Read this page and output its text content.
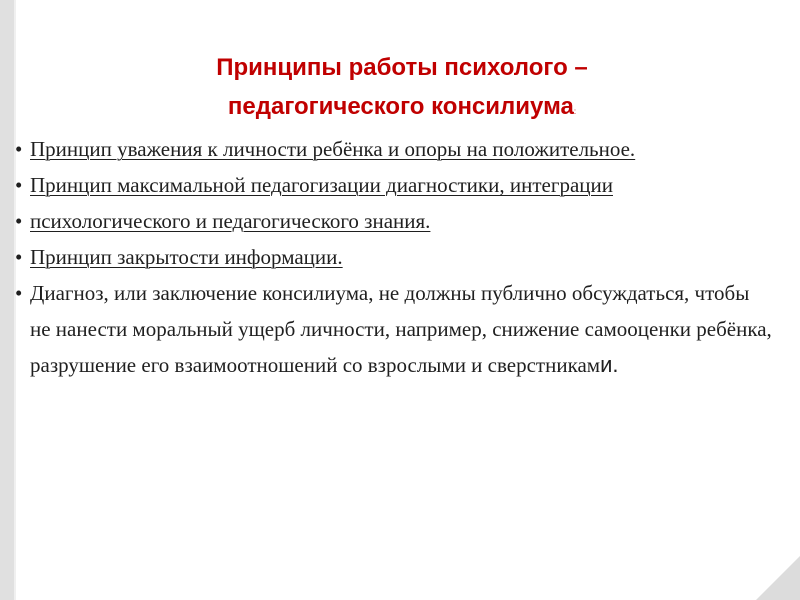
Принципы работы психолого –
педагогического консилиума:
• Принцип уважения к личности ребёнка и опоры на положительное.
• Принцип максимальной педагогизации диагностики, интеграции
• психологического и педагогического знания.
• Принцип закрытости информации.
• Диагноз, или заключение консилиума, не должны публично обсуждаться, чтобы не нанести моральный ущерб личности, например, снижение самооценки ребёнка, разрушение его взаимоотношений со взрослыми и сверстниками.
